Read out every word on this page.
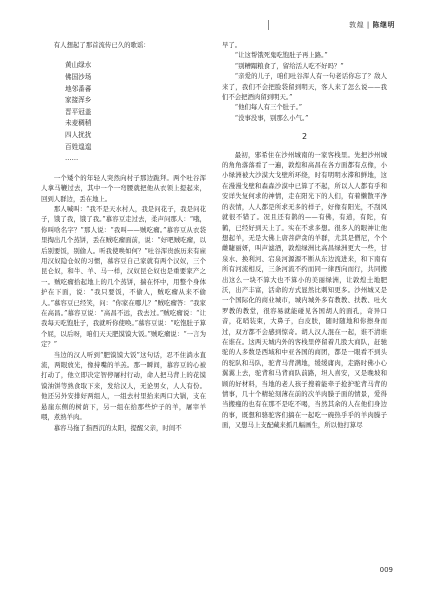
敦煌 | 陈继明

有人想起了那首流传已久的歌谣：

黄山绿水
佛国沙场
地邻番蕃
家接浑乡
晋平冠盖
未麦稠稍
四人扰扰
百姓遑遑
……

一个矮个的年轻人突然向村子那边跪拜。两个吐谷浑人拿马鞭过去，其中一个一弯腰就把他从衣领上提起来，回到人群边，丢在地上。

那人喊叫：“我不是天水村人，我是问花子，我是问花子，饿了我，饿了我。”慕容豆走过去，柔声问那人：“哦，你叫啥名字？”那人说：“我叫——贼吃瘤。”慕容豆从衣袋里掏出几个蒸饼，丢在贼吃瘤面前，说：“好吧贼吃瘤，以后别要饭，别偷人。听我使唤如何？”吐谷浑贵族历来有雇用汉奴隐仓奴的习惯，慕容豆自己家就有两个汉奴，三个昆仑奴，和牛、羊、马一样，汉奴昆仑奴也是重要家产之一。贼吃瘤拾起地上的几个蒸饼，揣在怀中，用整个身体护在下面，说：“我只要饭，不偷人，贼吃瘤从来不偷人。”慕容豆已经笑，问：“你家在哪儿？”贼吃瘤答：“我家在高昌。”慕容豆说：“高昌不远，我去过。”贼吃瘤说：“让我每天吃饱肚子，我就听你使唤。”慕容豆说：“吃饱肚子算个屁，以后呀，咱们天天肥馍馍大饭。”贼吃瘤说：“一言为定？”

当边的汉人听到“肥馍馍大饭”这句话，忍不住淌水直流，两眼放光，像持嘴的羊羔。那一瞬间，慕容豆的心被打动了，他立即决定智停屠村行动，命人把马背上的花馍馍油饼等熟食取下来，发给汉人，无论男女，人人有份。他还另外安排好两组人，一组去村里抬来两口大锅，支在悬崖东侧的树荫下，另一组在拾那些炉子的羊，屠宰羊喂，煮熟羊肉。

慕容马拖了指西沉的太阳，提醒父亲，时间不

早了。

“让这帮饿死鬼吃饱肚子再上路。”

“别糟蹋粮食了，留给活人吃不好吗？”

“亲爱的儿子，咱们吐谷浑人有一句老话你忘了？敌人来了，我们不会把脸袋留到明天，客人来了怎么说——我们不会把酒肉留到明天。”

“他们每人有三个肚子。”

“没事没事，别那么小气。”

2

最初，邪希住在沙州城南的一家客栈里。先把沙州城的角角落落看了一遍，敦煌和高昌在各方面都有点像，小小绿洲被大沙漠大戈壁所环绕，时有明明水滞和鲜地，这在漫漫戈壁和森森沙漠中已算了不起，所以人人都有乎和安详失复何求的神情，走在阳光下的人们，有着懒散平净的表情，人人都是所求无多的样子，好像有阳光，不刮风就很不错了。况且还有鹊的——有佛，有道，有陀，有鹤，已经好到天上了。实在不求多想。很多人的眼神让他想起羊，无是大佛上唐菩萨贪的羊群，尤其是僧尼，个个雌睫丽妍，叫声滤酒，敦煌绿洲比高昌绿洲更大一些，甘泉水、换利河、宕泉河源源不断从东边流进来，和下南有所有河流相反，三条河流不约而同一律西向而行，共同搬出这么一块不算大也不算小的美丽绿洲，让敦煌土地肥沃，出产丰富，活命的方式显然比刺知更多。沙州城又是一个国际化的商业城市，城内城外多有教教、扶教、吐火罗教的教堂，很容易就能碰见各国胡人的面孔，奇异口音，花哨装束，大鼻子，白皮肤，随时随地和你擦身而过，双方都不会感到惊奇。胡人汉人混在一起，谁不清谁在谁在。这两天城内外的客栈里停留着几股大商队，赶驰驼的人多数是西域和中亚各国的商团，都是一眼看不到头的驼队和马队，驼背马背满地，缓缓庸肉，走路时佛小心翼翼上去，驼背和马背商队前路，坦人喜安，又是晚坡和顾的好材料，当地的老人孩子搜着能牵子抢护驼背马背的情事，几十个精轮刻薄在前的次羊肉臊子面的情景，爱得当搬瘦的也有在那不是吃不喝，当然其余的人在他们身边的事，既想和骆驼客们搞在一起吃一碗热乎乎的羊肉臊子面，又想马上支配藏来抓几幅画生，所以他打算尽

009
